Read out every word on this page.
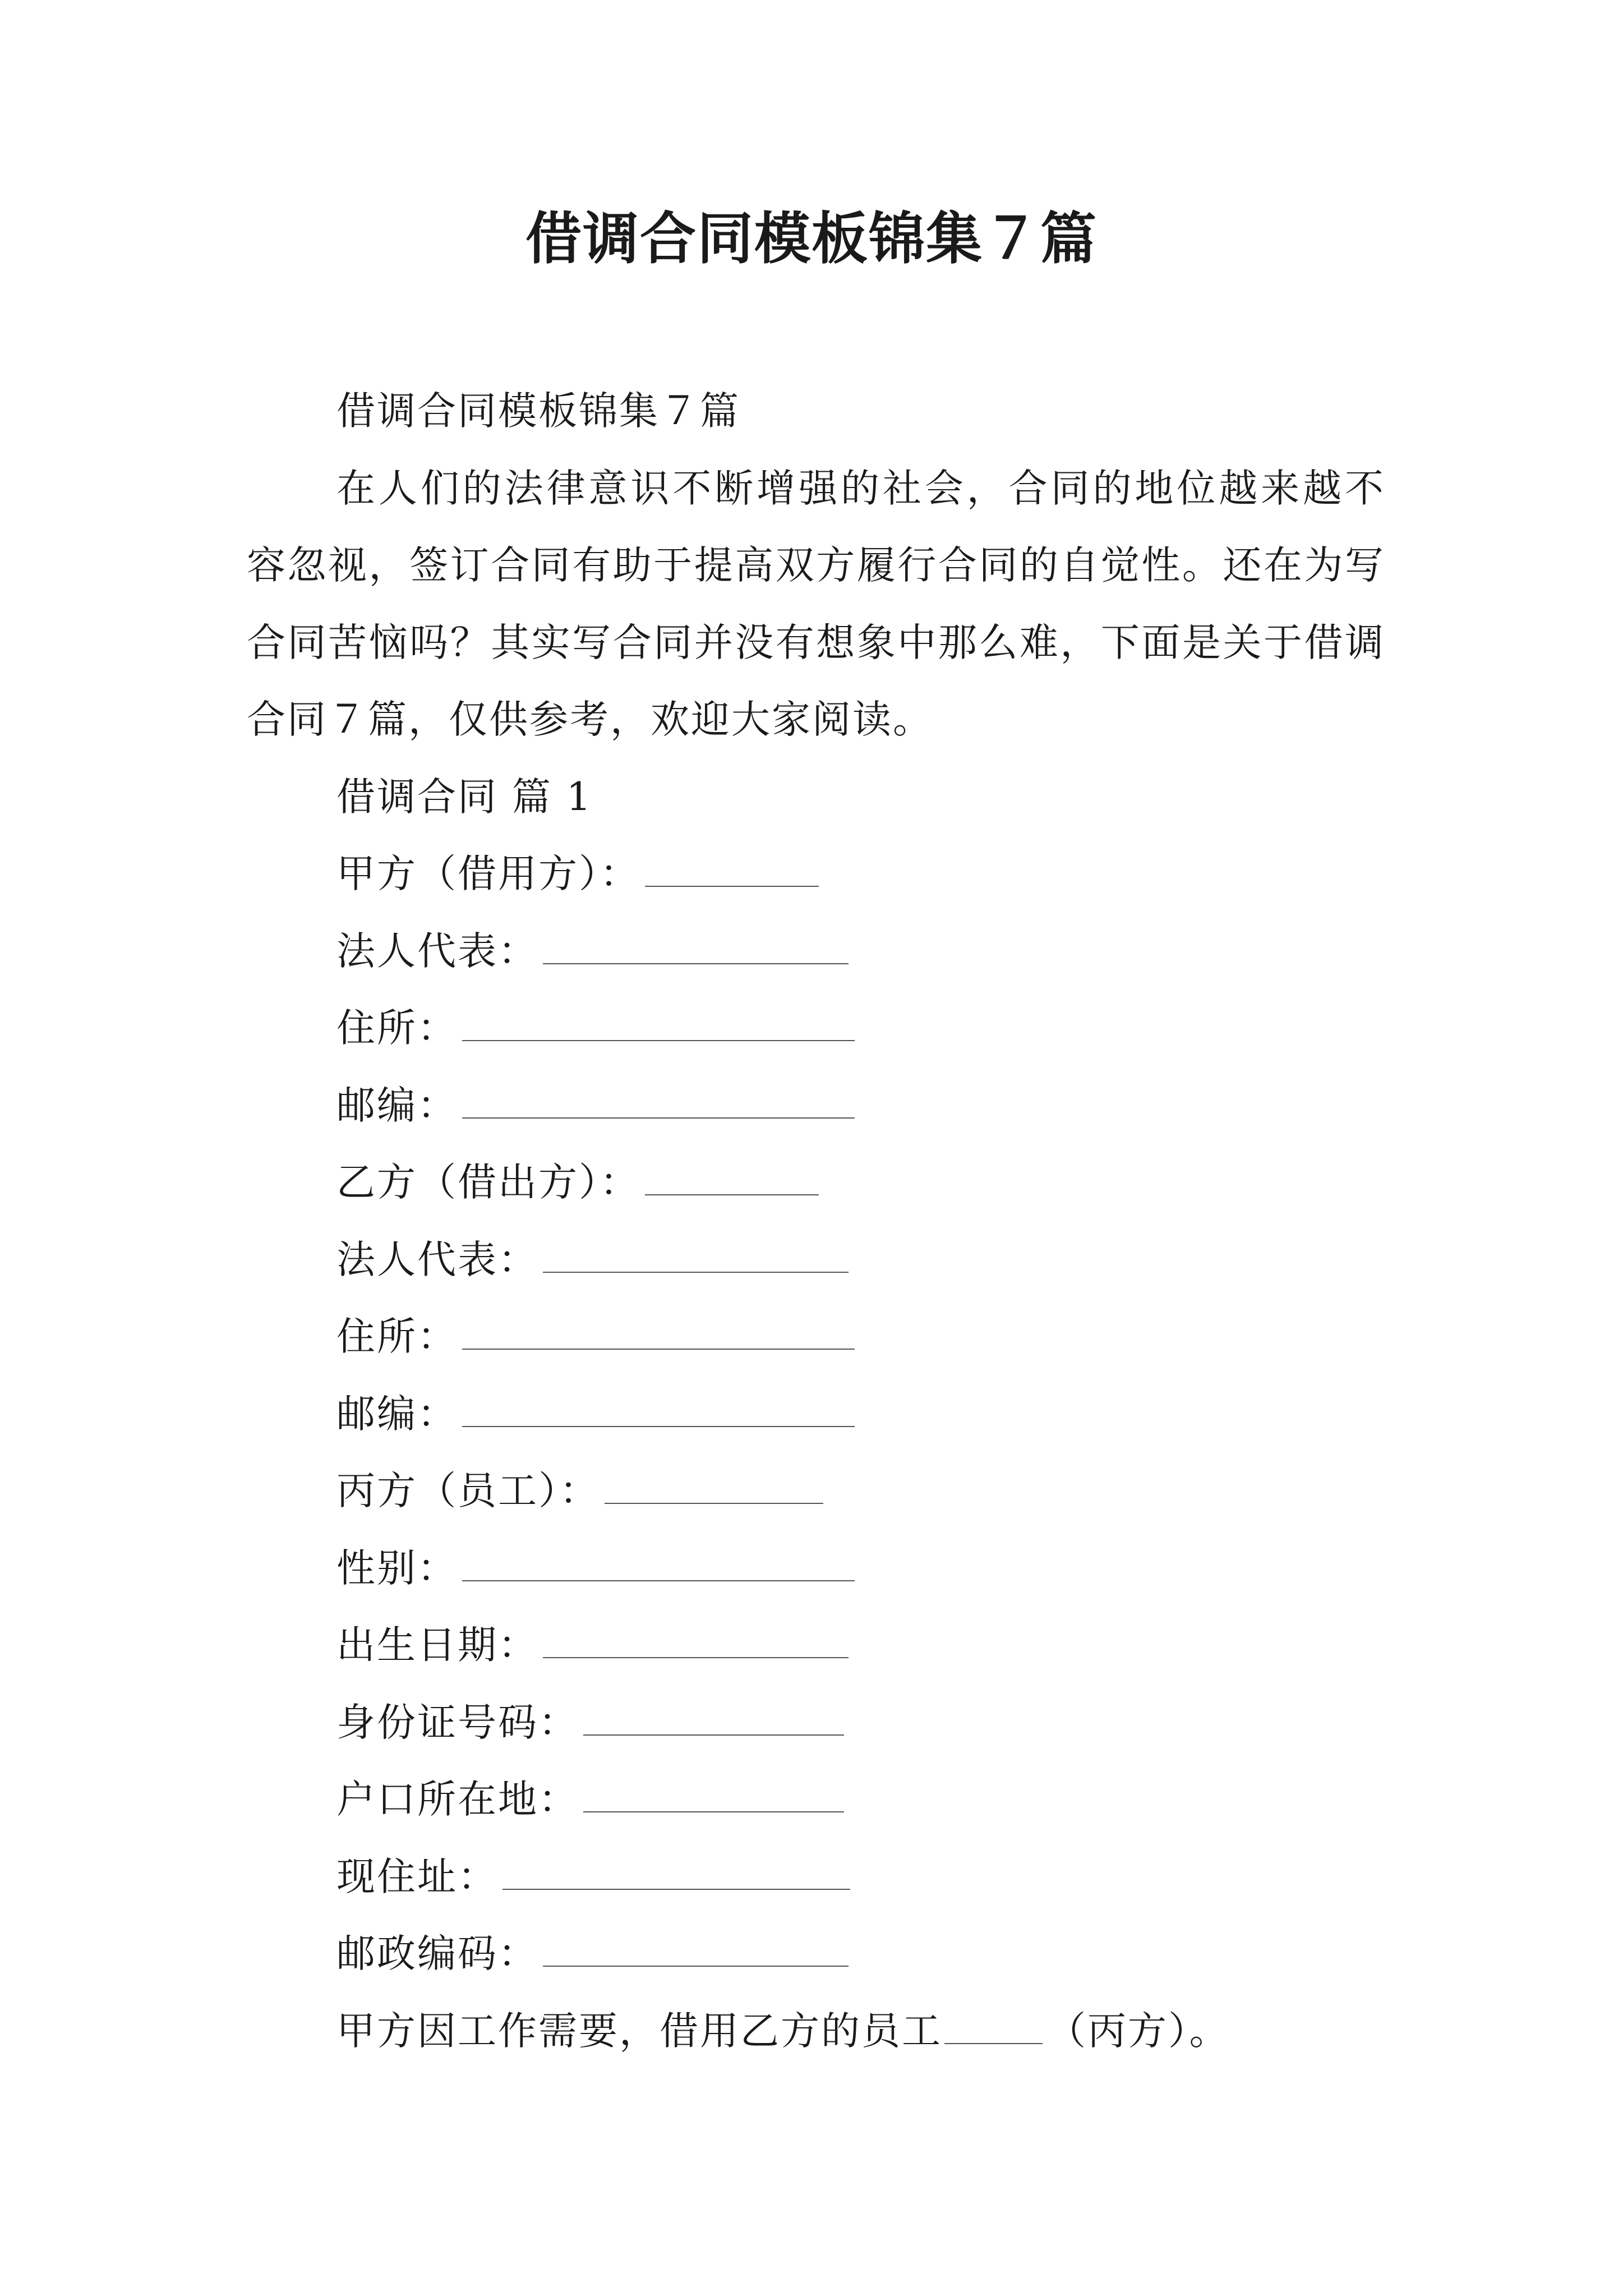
借调合同模板锦集７篇

借调合同模板锦集７篇

在人们的法律意识不断增强的社会，合同的地位越来越不容忽视，签订合同有助于提高双方履行合同的自觉性。还在为写合同苦恼吗？其实写合同并没有想象中那么难，下面是关于借调合同７篇，仅供参考，欢迎大家阅读。

借调合同 篇 1

甲方（借用方）：

法人代表：

住所：

邮编：

乙方（借出方）：

法人代表：

住所：

邮编：

丙方（员工）：

性别：

出生日期：

身份证号码：

户口所在地：

现住址：

邮政编码：

甲方因工作需要，借用乙方的员工	（丙方）。
